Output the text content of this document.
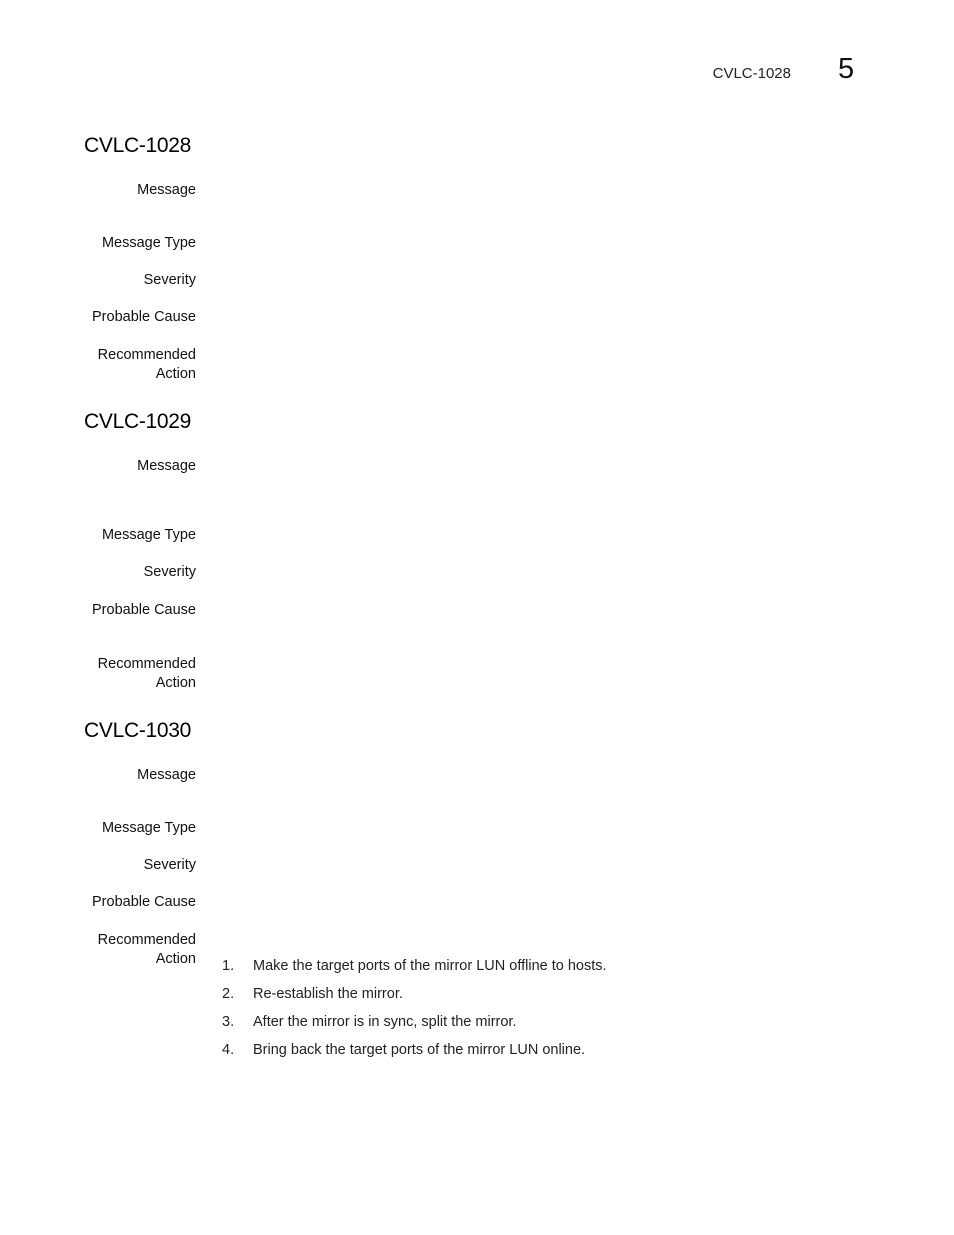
CVLC-1028 5
CVLC-1028
Message
Message Type
Severity
Probable Cause
Recommended
Action
CVLC-1029
Message
Message Type
Severity
Probable Cause
Recommended
Action
CVLC-1030
Message
Message Type
Severity
Probable Cause
Recommended
Action 1. Make the target ports of the mirror LUN offline to hosts.
2. Re-establish the mirror.
3. After the mirror is in sync, split the mirror.
4. Bring back the target ports of the mirror LUN online.
